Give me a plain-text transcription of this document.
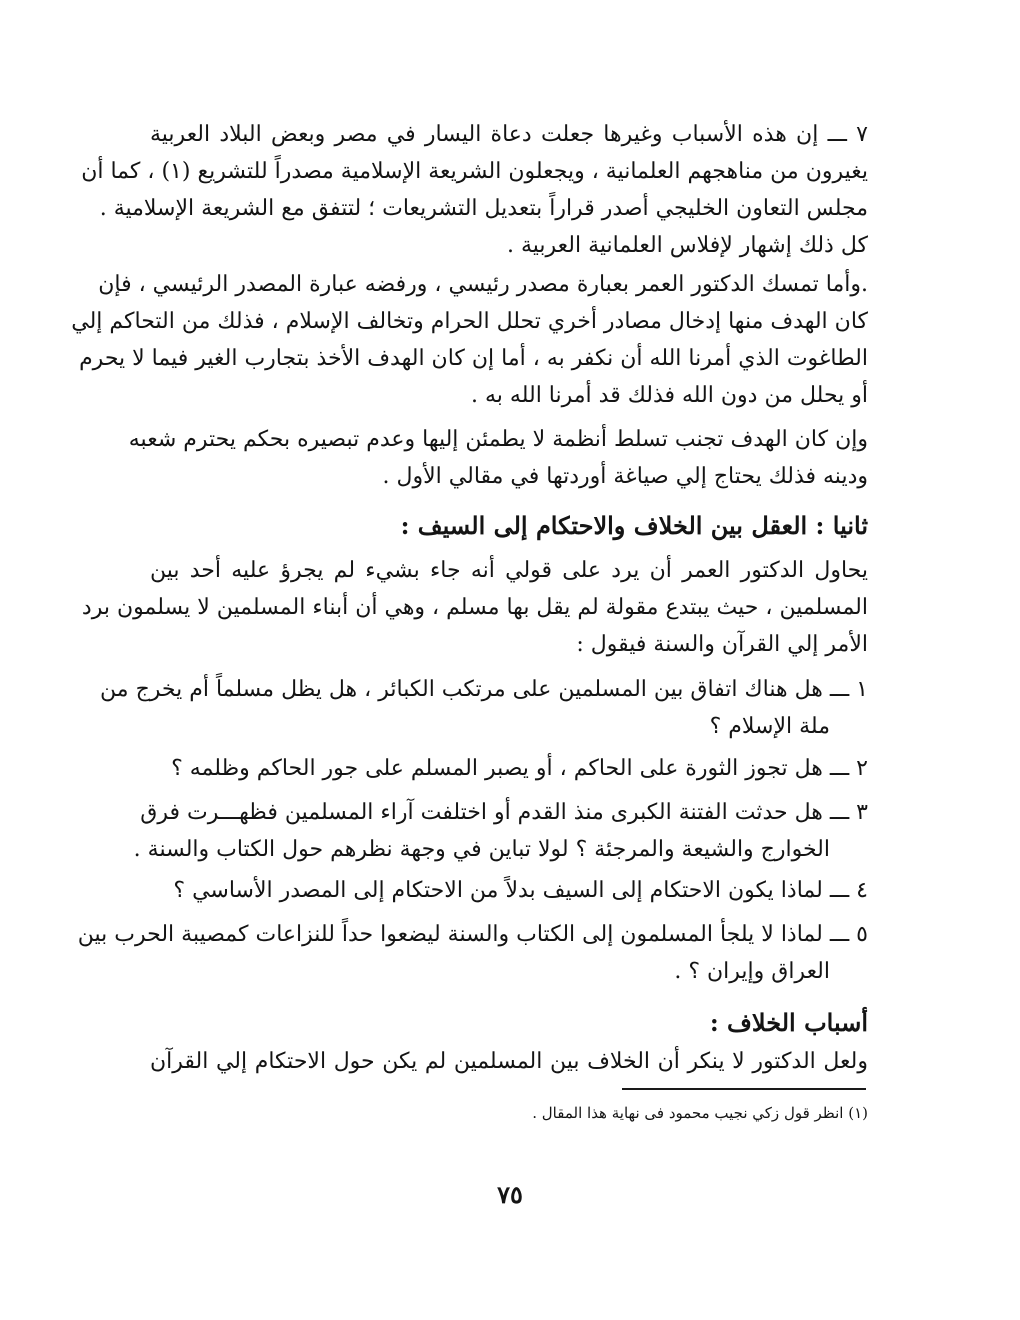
٧ ـــ إن هذه الأسباب وغيرها جعلت دعاة اليسار في مصر وبعض البلاد العربية
يغيرون من مناهجهم العلمانية ، ويجعلون الشريعة الإسلامية مصدراً للتشريع (١) ، كما أن
مجلس التعاون الخليجي أصدر قراراً بتعديل التشريعات ؛ لتتفق مع الشريعة الإسلامية .
كل ذلك إشهار لإفلاس العلمانية العربية .
.وأما تمسك الدكتور العمر بعبارة مصدر رئيسي ، ورفضه عبارة المصدر الرئيسي ، فإن
كان الهدف منها إدخال مصادر أخري تحلل الحرام وتخالف الإسلام ، فذلك من التحاكم إلي
الطاغوت الذي أمرنا الله أن نكفر به ، أما إن كان الهدف الأخذ بتجارب الغير فيما لا يحرم
أو يحلل من دون الله فذلك قد أمرنا الله به .
وإن كان الهدف تجنب تسلط أنظمة لا يطمئن إليها وعدم تبصيره بحكم يحترم شعبه
ودينه فذلك يحتاج إلي صياغة أوردتها في مقالي الأول .
ثانيا : العقل بين الخلاف والاحتكام إلى السيف :
يحاول الدكتور العمر أن يرد على قولي أنه جاء بشيء لم يجرؤ عليه أحد بين
المسلمين ، حيث يبتدع مقولة لم يقل بها مسلم ، وهي أن أبناء المسلمين لا يسلمون برد
الأمر إلي القرآن والسنة فيقول :
١ ـــ هل هناك اتفاق بين المسلمين على مرتكب الكبائر ، هل يظل مسلماً أم يخرج من
ملة الإسلام ؟
٢ ـــ هل تجوز الثورة على الحاكم ، أو يصبر المسلم على جور الحاكم وظلمه ؟
٣ ـــ هل حدثت الفتنة الكبرى منذ القدم أو اختلفت آراء المسلمين فظهـــرت فرق
الخوارج والشيعة والمرجئة ؟ لولا تباين في وجهة نظرهم حول الكتاب والسنة .
٤ ـــ لماذا يكون الاحتكام إلى السيف بدلاً من الاحتكام إلى المصدر الأساسي ؟
٥ ـــ لماذا لا يلجأ المسلمون إلى الكتاب والسنة ليضعوا حداً للنزاعات كمصيبة الحرب بين
العراق وإيران ؟ .
أسباب الخلاف :
ولعل الدكتور لا ينكر أن الخلاف بين المسلمين لم يكن حول الاحتكام إلي القرآن
(١) انظر قول زكي نجيب محمود فى نهاية هذا المقال .
٧٥
